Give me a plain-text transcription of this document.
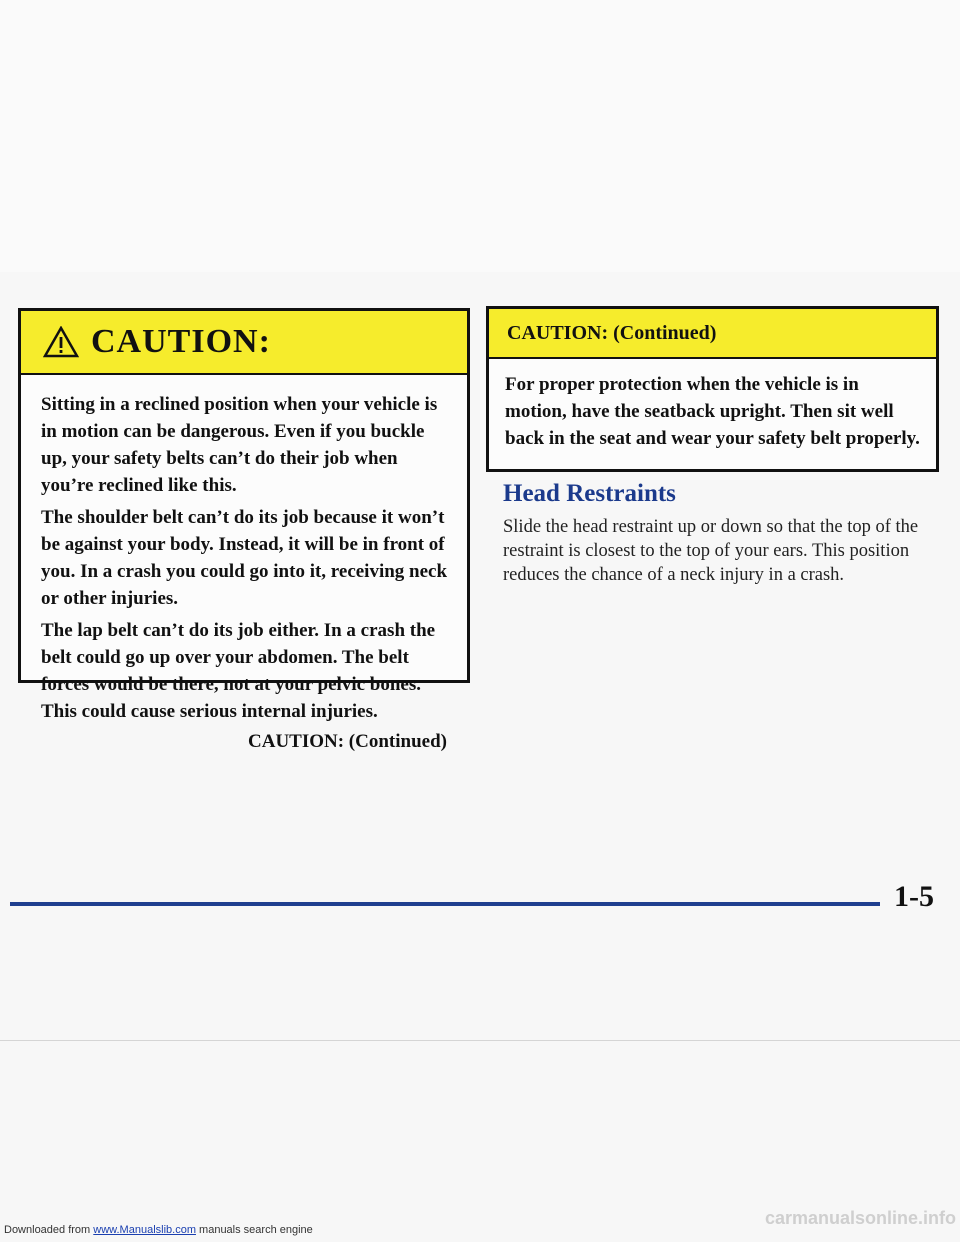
CAUTION:

Sitting in a reclined position when your vehicle is in motion can be dangerous. Even if you buckle up, your safety belts can’t do their job when you’re reclined like this.

The shoulder belt can’t do its job because it won’t be against your body. Instead, it will be in front of you. In a crash you could go into it, receiving neck or other injuries.

The lap belt can’t do its job either. In a crash the belt could go up over your abdomen. The belt forces would be there, not at your pelvic bones. This could cause serious internal injuries.

CAUTION: (Continued)
CAUTION: (Continued)

For proper protection when the vehicle is in motion, have the seatback upright. Then sit well back in the seat and wear your safety belt properly.

Head Restraints

Slide the head restraint up or down so that the top of the restraint is closest to the top of your ears. This position reduces the chance of a neck injury in a crash.

1-5
Downloaded from www.Manualslib.com manuals search engine
carmanualsonline.info
